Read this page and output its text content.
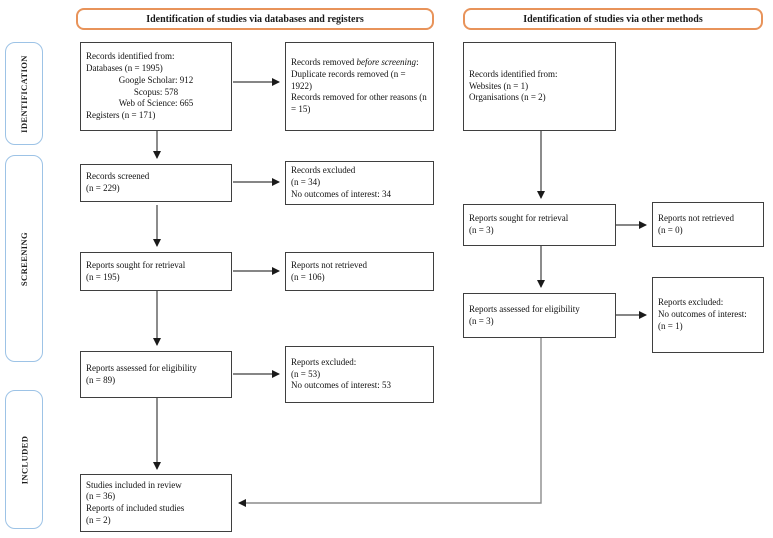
Identification of studies via databases and registers	Identification of studies via other methods
IDENTIFICATION
SCREENING
INCLUDED
Records identified from:
Databases (n = 1995)
Google Scholar: 912
Scopus: 578
Web of Science: 665
Registers (n = 171)
Records removed before screening:
Duplicate records removed (n = 1922)
Records removed for other reasons (n = 15)
Records screened
(n = 229)
Records excluded
(n = 34)
No outcomes of interest: 34
Reports sought for retrieval
(n = 195)
Reports not retrieved
(n = 106)
Reports assessed for eligibility
(n = 89)
Reports excluded:
(n = 53)
No outcomes of interest: 53
Studies included in review
(n = 36)
Reports of included studies
(n = 2)
Records identified from:
Websites (n = 1)
Organisations (n = 2)
Reports sought for retrieval
(n = 3)
Reports not retrieved
(n = 0)
Reports assessed for eligibility
(n = 3)
Reports excluded:
No outcomes of interest:
(n = 1)
